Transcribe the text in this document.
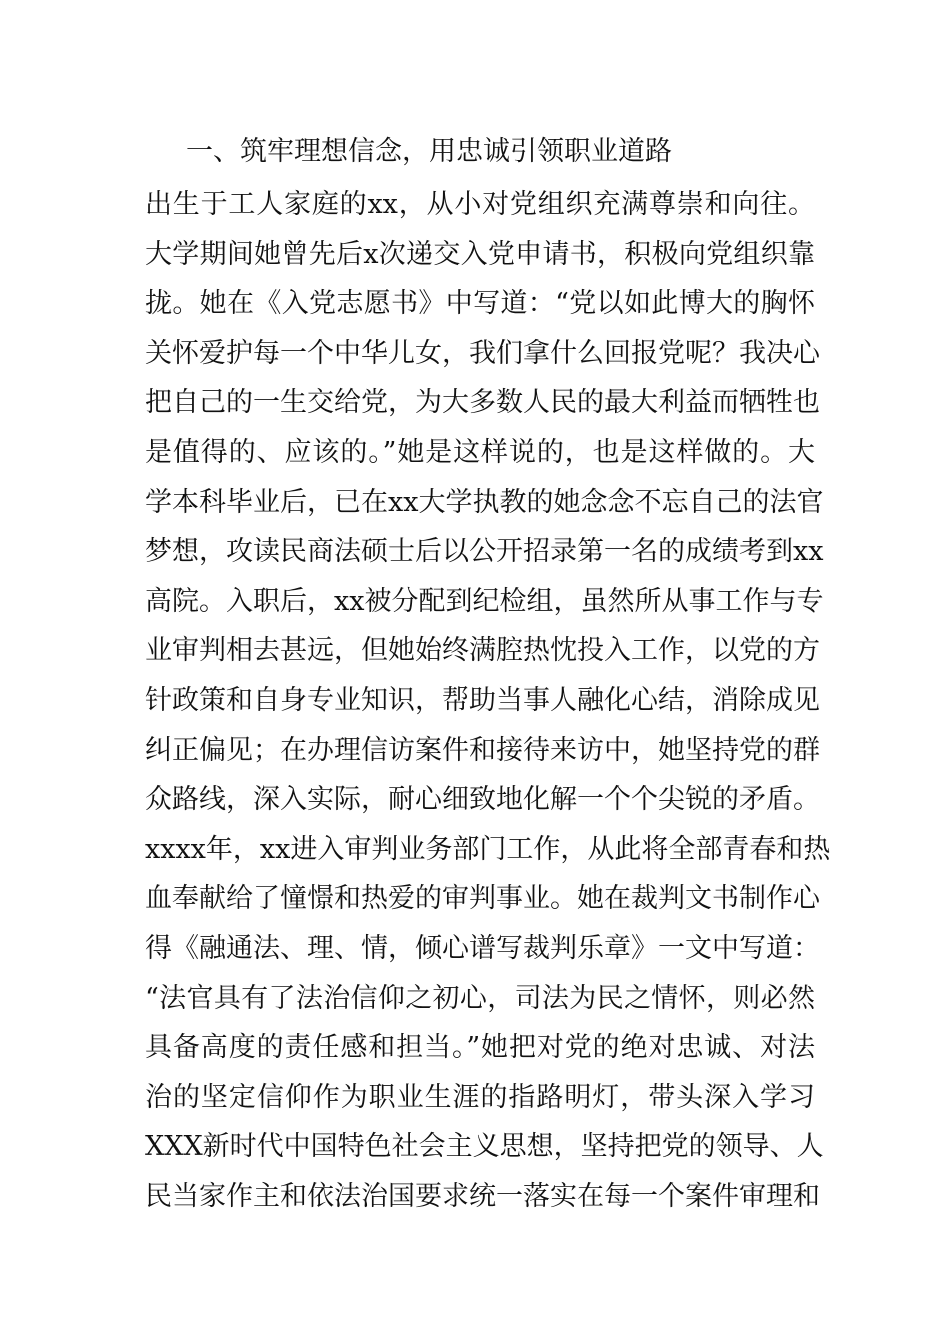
一、筑牢理想信念，用忠诚引领职业道路

出生于工人家庭的xx，从小对党组织充满尊崇和向往。
大学期间她曾先后x次递交入党申请书，积极向党组织靠
拢。她在《入党志愿书》中写道：“党以如此博大的胸怀
关怀爱护每一个中华儿女，我们拿什么回报党呢？我决心
把自己的一生交给党，为大多数人民的最大利益而牺牲也
是值得的、应该的。”她是这样说的，也是这样做的。大
学本科毕业后，已在xx大学执教的她念念不忘自己的法官
梦想，攻读民商法硕士后以公开招录第一名的成绩考到xx
高院。入职后，xx被分配到纪检组，虽然所从事工作与专
业审判相去甚远，但她始终满腔热忱投入工作，以党的方
针政策和自身专业知识，帮助当事人融化心结，消除成见
纠正偏见；在办理信访案件和接待来访中，她坚持党的群
众路线，深入实际，耐心细致地化解一个个尖锐的矛盾。
xxxx年，xx进入审判业务部门工作，从此将全部青春和热
血奉献给了憧憬和热爱的审判事业。她在裁判文书制作心
得《融通法、理、情，倾心谱写裁判乐章》一文中写道：
“法官具有了法治信仰之初心，司法为民之情怀，则必然
具备高度的责任感和担当。”她把对党的绝对忠诚、对法
治的坚定信仰作为职业生涯的指路明灯，带头深入学习
XXX新时代中国特色社会主义思想，坚持把党的领导、人
民当家作主和依法治国要求统一落实在每一个案件审理和
